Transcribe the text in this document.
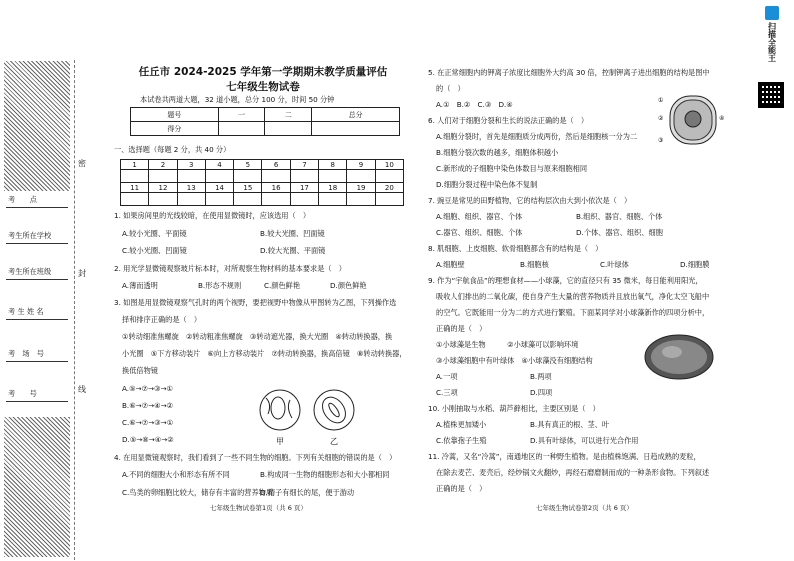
考　　点
考生所在学校
考生所在班级
考 生 姓 名
考　场　号
考　　号
密
封
线
任丘市 2024-2025 学年第一学期期末教学质量评估
七年级生物试卷
本试卷共两道大题，32 道小题，总分 100 分，时间 50 分钟
题号	一	二	总分
得分			
一、选择题（每题 2 分，共 40 分）
1	2	3	4	5	6	7	8	9	10

11	12	13	14	15	16	17	18	19	20

1. 如果房间里的光线较暗，在使用显微镜时，应该选用（　）
A.较小光圈、平面镜	B.较大光圈、凹面镜
C.较小光圈、凹面镜	D.较大光圈、平面镜
2. 用光学显微镜观察玻片标本时，对所观察生物材料的基本要求是（　）
A.薄而透明	B.形态不规则	C.颜色鲜艳	D.颜色鲜艳
3. 如图是用显微镜观察气孔时的两个视野，要把视野中物像从甲图转为乙图，下列操作选
择和排序正确的是（　）
①转动细准焦螺旋　②转动粗准焦螺旋　③转动遮光器，换大光圈　④转动转换器，换
小光圈　⑤下方移动装片　⑥向上方移动装片　⑦转动转换器，换高倍镜　⑧转动转换器，
换低倍物镜
A.⑤→⑦→③→①
B.⑥→⑦→④→②
C.⑥→⑦→③→①
D.⑤→⑧→④→②	甲	乙
4. 在用显微镜观察时，我们看到了一些不同生物的细胞。下列有关细胞的错误的是（　）
A.不同的细胞大小和形态有所不同	B.构成同一生物的细胞形态和大小都相同
C.鸟类的卵细胞比较大，储存有丰富的营养物质
D.精子有细长的尾，便于游动
七年级生物试卷第1页（共 6 页）
5. 在正常细胞内的钾离子浓度比细胞外大约高 30 倍，控制钾离子进出细胞的结构是图中
的（　）
A.①　B.②　C.③　D.④	①
②
③
④
6. 人们对于细胞分裂和生长的说法正确的是（　）
A.细胞分裂时，首先是细胞质分成两份，然后是细胞核一分为二
B.细胞分裂次数的越多，细胞体积越小
C.新形成的子细胞中染色体数目与原来细胞相同
D.细胞分裂过程中染色体不复制
7. 豌豆是常见的田野植物，它的结构层次由大到小依次是（　）
A.细胞、组织、器官、个体	B.组织、器官、细胞、个体
C.器官、组织、细胞、个体	D.个体、器官、组织、细胞
8. 肌细胞、上皮细胞、软骨细胞都含有的结构是（　）
A.细胞壁	B.细胞核	C.叶绿体	D.细胞膜
9. 作为“宇航食品”的理想食材——小球藻，它的直径只有 35 微米，每日能利用阳光，
吸收人们排出的二氧化碳，使自身产生大量的营养物质并且放出氧气，净化太空飞船中
的空气。它既能用一分为二的方式进行繁殖。下面某同学对小球藻新作的四项分析中，
正确的是（　）
①小球藻是生物　　　②小球藻可以影响环境
③小球藻细胞中有叶绿体　④小球藻没有细胞结构
A.一项	B.两项
C.三项	D.四项
10. 小刚抽取与水稻、葫芦藓相比，主要区别是（　）
A.植株更加矮小	B.具有真正的根、茎、叶
C.依靠孢子生殖	D.具有叶绿体，可以进行光合作用
11. 冷蒿，又名“冷蒿”，南通地区的一种野生植物。是由植株饱满、日趋成熟的麦粒，
在除去麦芒、麦壳后，经炒锅文火翻炒，再经石磨磨制而成的一种条形食物。下列叙述
正确的是（　）
七年级生物试卷第2页（共 6 页）
扫描全能王
